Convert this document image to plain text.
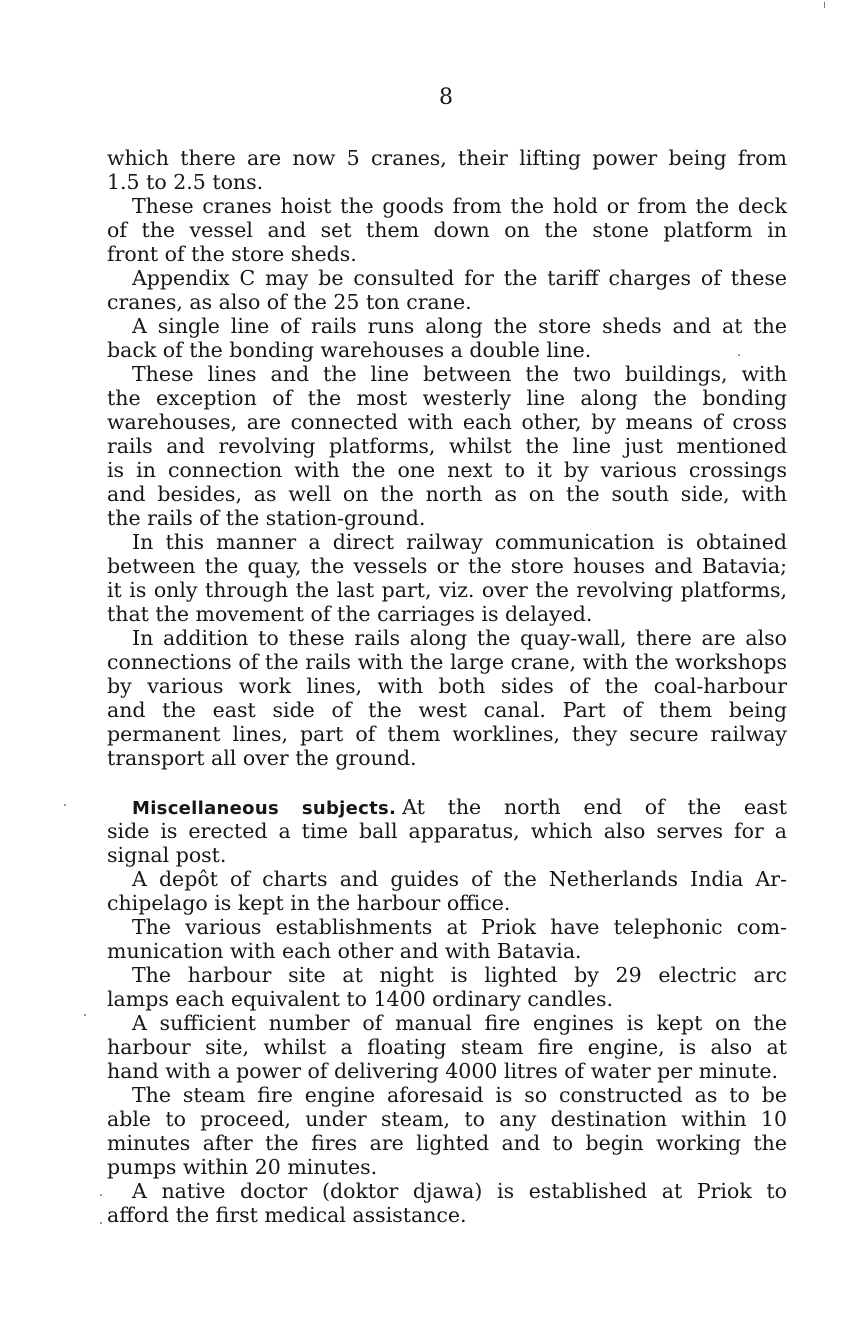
8
which there are now 5 cranes, their lifting power being from
1.5 to 2.5 tons.
These cranes hoist the goods from the hold or from the deck
of the vessel and set them down on the stone platform in
front of the store sheds.
Appendix C may be consulted for the tariff charges of these
cranes, as also of the 25 ton crane.
A single line of rails runs along the store sheds and at the
back of the bonding warehouses a double line.
These lines and the line between the two buildings, with
the exception of the most westerly line along the bonding
warehouses, are connected with each other, by means of cross
rails and revolving platforms, whilst the line just mentioned
is in connection with the one next to it by various crossings
and besides, as well on the north as on the south side, with
the rails of the station-ground.
In this manner a direct railway communication is obtained
between the quay, the vessels or the store houses and Batavia;
it is only through the last part, viz. over the revolving platforms,
that the movement of the carriages is delayed.
In addition to these rails along the quay-wall, there are also
connections of the rails with the large crane, with the workshops
by various work lines, with both sides of the coal-harbour
and the east side of the west canal. Part of them being
permanent lines, part of them worklines, they secure railway
transport all over the ground.
Miscellaneous subjects. At the north end of the east
side is erected a time ball apparatus, which also serves for a
signal post.
A depôt of charts and guides of the Netherlands India Ar-
chipelago is kept in the harbour office.
The various establishments at Priok have telephonic com-
munication with each other and with Batavia.
The harbour site at night is lighted by 29 electric arc
lamps each equivalent to 1400 ordinary candles.
A sufficient number of manual fire engines is kept on the
harbour site, whilst a floating steam fire engine, is also at
hand with a power of delivering 4000 litres of water per minute.
The steam fire engine aforesaid is so constructed as to be
able to proceed, under steam, to any destination within 10
minutes after the fires are lighted and to begin working the
pumps within 20 minutes.
A native doctor (doktor djawa) is established at Priok to
afford the first medical assistance.
